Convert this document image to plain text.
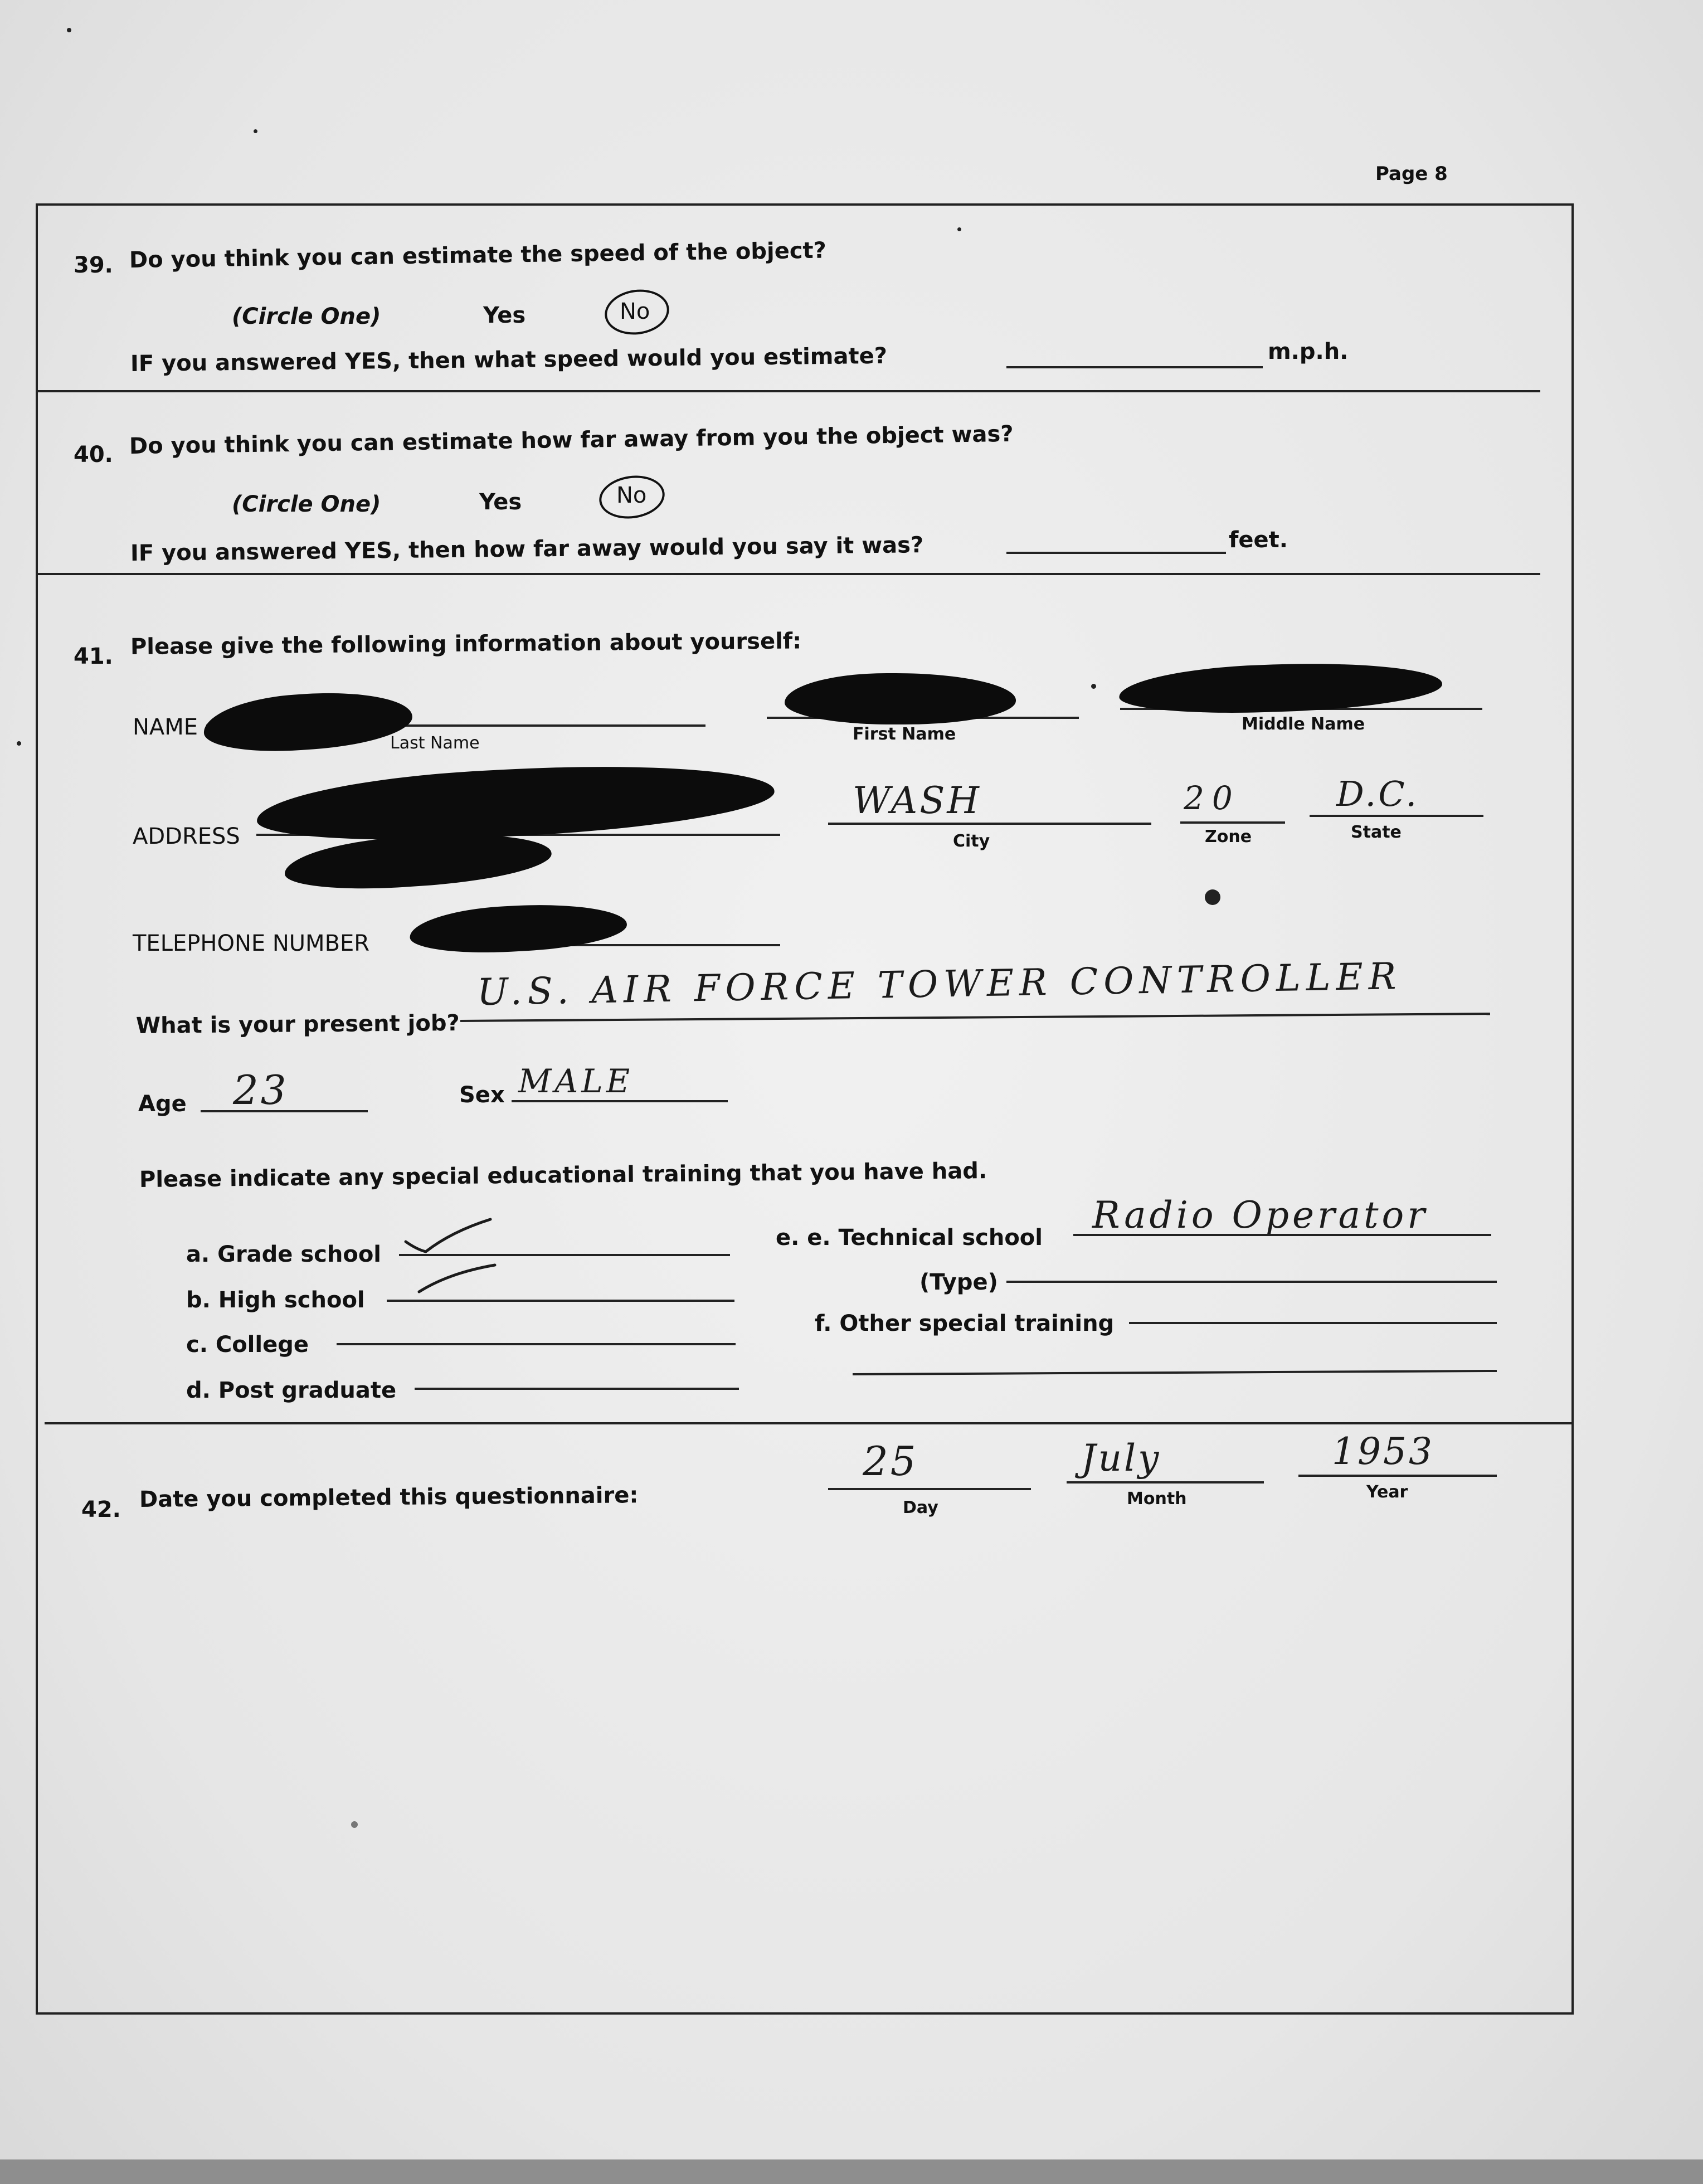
Page 8
39. Do you think you can estimate the speed of the object?
(Circle One)	Yes	No
IF you answered YES, then what speed would you estimate?	m.p.h.
40. Do you think you can estimate how far away from you the object was?
(Circle One)	Yes	No
IF you answered YES, then how far away would you say it was?	feet.
41. Please give the following information about yourself:
NAME
Last Name	First Name
Middle Name
ADDRESS
WASH
City
20
Zone
D.C.
State
TELEPHONE NUMBER
What is your present job?
U.S. AIR FORCE TOWER CONTROLLER
Age 23	Sex MALE
Please indicate any special educational training that you have had.
a. Grade school
b. High school
c. College
d. Post graduate
e. e. Technical school
Radio Operator
(Type)
f. Other special training
42. Date you completed this questionnaire:
25
Day
July
Month
1953
Year
